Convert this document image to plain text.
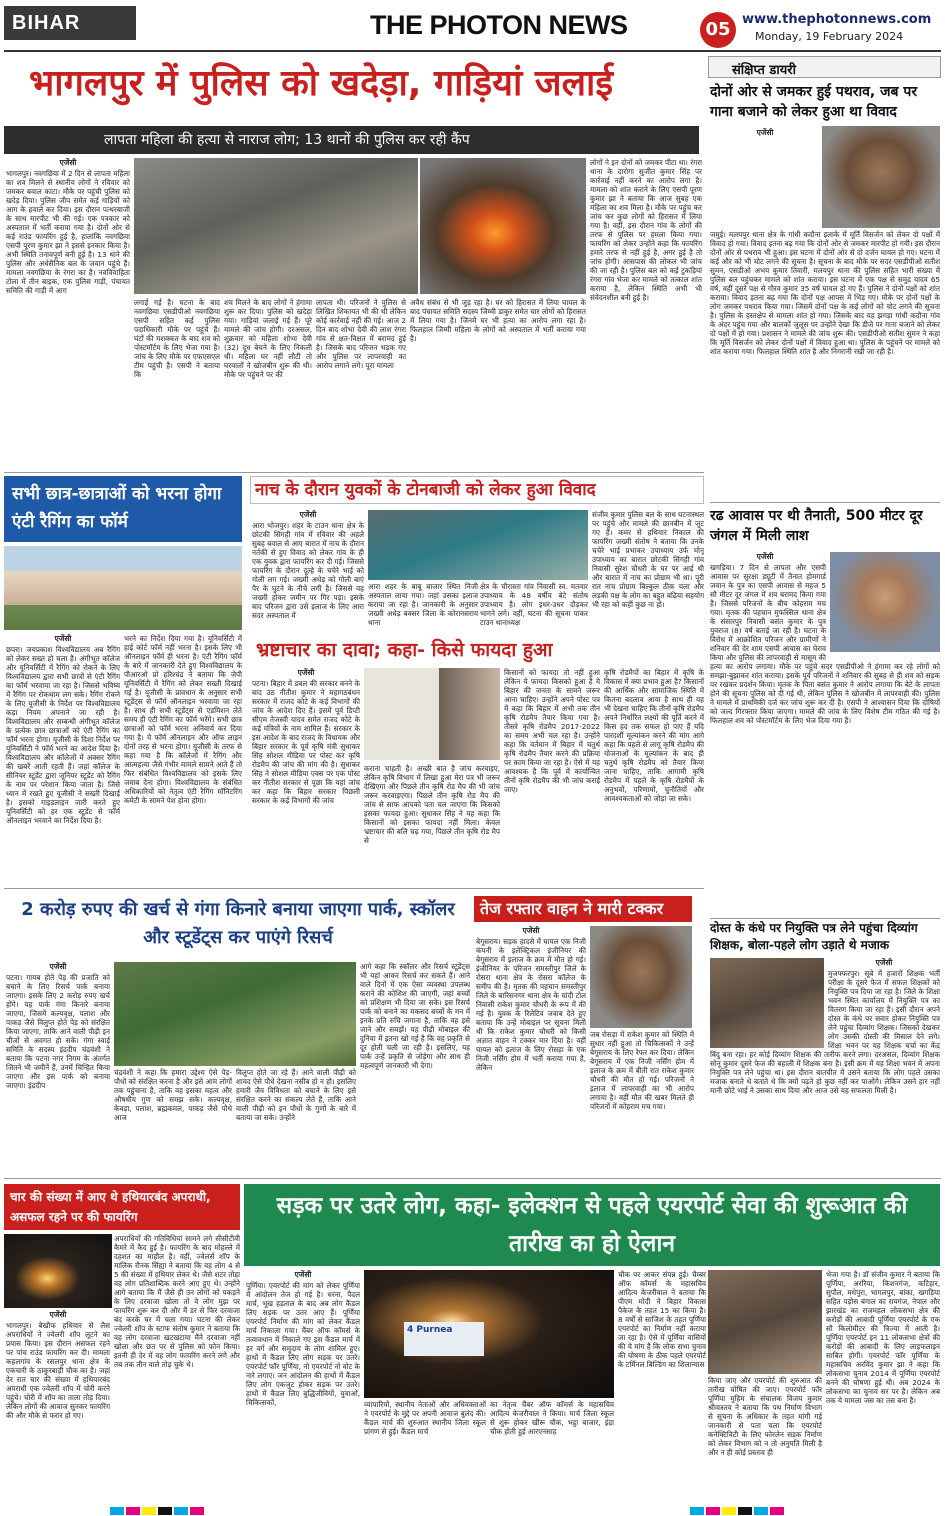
BIHAR	THE PHOTON NEWS	05 www.thephotonnews.com
Monday, 19 February 2024
भागलपुर में पुलिस को खदेड़ा, गाड़ियां जलाई
लापता महिला की हत्या से नाराज लोग; 13 थानों की पुलिस कर रही कैंप
एजेंसी
भागलपुर। नवगछिया में 2 दिन से लापता महिला का शव मिलने से स्थानीय लोगों ने रविवार को जमकर बवाल काटा। मौके पर पहुंची पुलिस को खदेड़ दिया। पुलिस जीप समेत कई गाड़ियों को आग के हवाले कर दिया। इस दौरान पत्थरबाजी के साथ मारपीट भी की गई। एक पत्रकार को अस्पताल में भर्ती कराया गया है। दोनों ओर से कई राउंड फायरिंग हुई है, हालांकि नवगछिया एसपी पूरण कुमार झा ने इससे इनकार किया है। अभी स्थिति तनावपूर्ण बनी हुई है। 13 थाने की पुलिस और अर्धसैनिक बल के जवान पहुंचे हैं। मामला नवगछिया के रंगरा का है। नवविवाहिता टोला में तीन बाइक, एक पुलिस गाड़ी, पंचायत समिति की गाड़ी में आग
लगाई गई है। घटना के बाद नवगछिया एसडीपीओ नवगछिया एसपी सहित कई पुलिस पदाधिकारी मौके पर पहुंचे हैं। घंटों की मशक्कत के बाद शव को पोस्टमॉर्टम के लिए भेजा गया है। जांच के लिए मौके पर एफएसएल टीम पहुंची है। एसपी ने बताया कि
शव मिलने के बाद लोगों ने हंगामा शुरू कर दिया। पुलिस को खदेड़ा गया। गाड़ियां जलाई गई हैं। पूरे मामले की जांच होगी। दरअसल, शुक्रवार को महिला शोभा देवी (32) दूध बेचने के लिए निकली थी। महिला घर नहीं लौटी तो घरवालों ने खोजबीन शुरू की थी। मौके पर पहुंचने पर की
लापता थी। परिजनों ने पुलिस से लिखित शिकायत भी की थी लेकिन कोई कार्रवाई नहीं की गई। आज 2 दिन बाद शोभा देवी की लाश रंगरा गांव से क्षत-विक्षत में बरामद हुई है। जिसके बाद परिजन भड़क गए और पुलिस पर लापरवाही का आरोप लगाने लगे। पूरा मामला
अवैध संबंध से भी जुड़ रहा है। घर को हिरासत में लिया घायल के बाद पंचायत समिति सदस्य जिम्मी डाकुर समेत चार लोगों को हिरासत में लिया गया है। जिनमें घर भी हत्या का आरोप लगा रहा है। फिलहाल जिम्मी महिला के लोगों को अस्पताल में भर्ती कराया गया है।
लोगों ने इन दोनों को जमकर पीटा था। रंगरा थाना के दारोगा सुजीत कुमार सिंह पर कार्रवाई नहीं करने का आरोप लगा है। मामला को शांत कराने के लिए एसपी पूरण कुमार झा ने बताया कि आज सुबह एक महिला का शव मिला है। मौके पर पहुंच कर जांच कर कुछ लोगों को हिरासत में लिया गया है। वहीं, इस दौरान गांव के लोगों की तरफ से पुलिस पर हमला किया गया। फायरिंग को लेकर उन्होंने कहा कि फायरिंग हमारे तरफ से नहीं हुई है, अगर हुई है तो जांच होगी। आसपास की लोकल भी जांच की जा रही है। पुलिस बल को कई टुकड़ियां रंगरा गांव भेजा कर मामले को तत्काल शांत कराया है, लेकिन स्थिति अभी भी संवेदनशील बनी हुई है।
संक्षिप्त डायरी
दोनों ओर से जमकर हुई पथराव, जब पर गाना बजाने को लेकर हुआ था विवाद
एजेंसी
जमुई। मलयपुर थाना क्षेत्र के गांधी कदौना इलाके में मूर्ति विसर्जन को लेकर दो पक्षों में विवाद हो गया। विवाद इतना बढ़ गया कि दोनों ओर से जमकर मारपीट हो गयी। इस दौरान दोनों ओर से पथराव भी हुआ। इस घटना में दोनों ओर से दो दर्जन घायल हो गए। घटना में कई और को भी चोट लगने की सूचना है। सूचना के बाद मौके पर सदर एसडीपीओ सतीश सुमन, एसडीओ अभय कुमार तिवारी, मलयपुर थाना की पुलिस सहित भारी संख्या में पुलिस बल पहुंचकर मामले को शांत कराया। इस घटना में एक पक्ष से समुद्र यादव 65 वर्ष, वहीं दूसरे पक्ष से गौरव कुमार 35 वर्ष घायल हो गए हैं। पुलिस ने दोनों पक्षों को शांत कराया। विवाद इतना बढ़ गया कि दोनों पक्ष आपस में भिड़ गए। मौके पर दोनों पक्षों के लोग जमकर पथराव किया गया। जिसमें दोनों पक्ष के कई लोगों को चोट लगने की सूचना है। पुलिस के हस्तक्षेप से मामला शांत हो गया। जिसके बाद यह झगड़ा गांधी कदौना गांव के अंदर पहुंच गया और बालकों जुलूस पर उन्होंने देखा कि डीजे पर गाना बजाने को लेकर दो पक्षों में हो गया। प्रशासन ने मामले की जांच शुरू की। एसडीपीओ सतीश सुमन ने कहा कि मूर्ति विसर्जन को लेकर दोनों पक्षों में विवाद हुआ था। पुलिस के पहुंचने पर मामले को शांत कराया गया। फिलहाल स्थिति शांत है और निगरानी रखी जा रही है।
रढ आवास पर थी तैनाती, 500 मीटर दूर जंगल में मिली लाश
एजेंसी
खगड़िया। 7 दिन से लापता और एसपी आवास पर सुरक्षा ड्यूटी में तैनात होमगार्ड जवान के पुत्र का एसपी आवास से महज 5 सौ मीटर दूर जंगल में शव बरामद किया गया है। जिससे परिजनों के बीच कोहराम मच गया। मृतक की पहचान मुफस्सिल थाना क्षेत्र के संसारपुर निवासी बसंत कुमार के पुत्र युवराज (8) वर्ष बताई जा रही है। घटना के विरोध में आक्रोशित परिजन और ग्रामीणों ने शनिवार की देर शाम एसपी आवास का घेराव किया और पुलिस की लापरवाही से मासूम की हत्या का आरोप लगाया। मौके पर पहुंचे सदर एसडीपीओ ने हंगामा कर रहे लोगों को समझा-बुझाकर शांत कराया। इसके पूर्व परिजनों ने शनिवार की सुबह से ही शव को सड़क पर रखकर प्रदर्शन किया। मृतक के पिता बसंत कुमार ने आरोप लगाया कि बेटे के लापता होने की सूचना पुलिस को दी गई थी, लेकिन पुलिस ने खोजबीन में लापरवाही की। पुलिस ने मामले में प्राथमिकी दर्ज कर जांच शुरू कर दी है। एसपी ने आश्वासन दिया कि दोषियों को जल्द गिरफ्तार किया जाएगा। मामले की जांच के लिए विशेष टीम गठित की गई है। फिलहाल शव को पोस्टमॉर्टम के लिए भेज दिया गया है।
दोस्त के कंधे पर नियुक्ति पत्र लेने पहुंचा दिव्यांग शिक्षक, बोला-पहले लोग उड़ाते थे मजाक
एजेंसी
मुजफ्फरपुर। सूबे में हजारों शिक्षक भर्ती परीक्षा के दूसरे फेज में सफल शिक्षकों को नियुक्ति पत्र दिया जा रहा है। जिले के शिक्षा भवन स्थित कार्यालय में नियुक्ति पत्र का वितरण किया जा रहा है। इसी दौरान अपने दोस्त के कंधे पर सवार होकर नियुक्ति पत्र लेने पहुंचा दिव्यांग शिक्षक। जिसको देखकर लोग उसकी दोस्ती की मिसाल देने लगे। शिक्षा भवन पर यह शिक्षक चर्चा का केंद्र बिंदु बना रहा। हर कोई दिव्यांग शिक्षक की तारीफ करने लगा। दरअसल, दिव्यांग शिक्षक सोनू कुमार दूसरे फेज की बहाली में शिक्षक बना है। इसी क्रम में यह शिक्षा भवन में अपना नियुक्ति पत्र लेने पहुंचा था। इस दौरान बातचीत में उसने बताया कि लोग पहले उसका मजाक बनाते थे बताते थे कि क्यों पढ़ते हो कुछ नहीं कर पाओगे। लेकिन उसने हार नहीं मानी छोटे भाई ने उसका साथ दिया और आज उसे यह सफलता मिली है।
सभी छात्र-छात्राओं को भरना होगा एंटी रैगिंग का फॉर्म
एजेंसी
छपरा। जयप्रकाश विश्वविद्यालय अब रैगिंग को लेकर सख्त हो चला है। अंगीभूत कॉलेज और यूनिवर्सिटी में रैगिंग को रोकने के लिए विश्वविद्यालय द्वारा सभी छात्रों से एंटी रैगिंग का फॉर्म भरवाया जा रहा है। जिससे भविष्य में रैगिंग पर रोकथाम लग सके। रैगिंग रोकने के लिए यूजीसी के निर्देश पर विश्वविद्यालय कड़ा नियम अपनाने जा रही है। विश्वविद्यालय और सम्बन्धी अंगीभूत कॉलेज के प्रत्येक छात्र छात्राओं को एंटी रैगिंग का फॉर्म भरना होगा। यूजीसी के दिशा निर्देश पर यूनिवर्सिटी ने फॉर्म भरने का आदेश दिया है। विश्वविद्यालय और कॉलेजों में अक्सर रैगिंग की खबरें आती रहती हैं। जहां कॉलेज के सीनियर स्टूडेंट द्वारा जूनियर स्टूडेंट को रैगिंग के नाम पर परेशान किया जाता है। जिसे ध्यान में रखते हुए यूजीसी ने सख्ती दिखाई है। इसको गाइडलाइन जारी करते हुए यूनिवर्सिटी को हर एक स्टूडेंट से फॉर्म ऑनलाइन भरवाने का निर्देश दिया है।
भरने का निर्देश दिया गया है। यूनिवर्सिटी में हाई कोर्ट फॉर्म नहीं भरना है। इसके लिए भी ऑनलाइन फॉर्म ही भरना है। एंटी रैगिंग फॉर्म के बारे में जानकारी देते हुए विश्वविद्यालय के पीआरओ प्रो हरिश्चंद्र ने बताया कि जेपी यूनिवर्सिटी में रैगिंग को लेकर सख्ती दिखाई गई है। यूजीसी के प्रावधान के अनुसार सभी स्टूडेंट्स से फॉर्म ऑनलाइन भरवाया जा रहा है। साथ ही सभी स्टूडेंट्स से एडमिशन लेते समय ही एंटी रैगिंग का फॉर्म भरेंगे। सभी छात्र छात्राओं को फॉर्म भरना अनिवार्य कर दिया गया है। ये फॉर्म ऑनलाइन और ऑफ लाइन दोनों तरह से भरना होगा। यूजीसी के तरफ से कहा गया है कि कॉलेजों में रैगिंग और आत्महत्या जैसे गंभीर मामले सामने आते हैं तो फिर संबंधित विश्वविद्यालय को इसके लिए जवाब देना होगा। विश्वविद्यालय के संबंधित अधिकारियों को नेतृत्व एंटी रैगिंग मॉनिटरिंग कमेटी के सामने पेश होना होगा।
नाच के दौरान युवकों के टोनबाजी को लेकर हुआ विवाद
एजेंसी
आरा भोजपुर। शहर के टाउन थाना क्षेत्र के छोटकी सिंगही गांव में रविवार की अहले सुबह बवाल से आए बारात में नाच के दौरान नर्तकी से हुए विवाद को लेकर गांव के ही एक युवक द्वारा फायरिंग कर दी गई। जिससे फायरिंग के दौरान दूल्हे के चचेरे भाई को गोली लग गई। जख्मी अधेड़ को गोली बाएं पैर के घुटने के नीचे लगी है। जिससे वह जख्मी होकर जमीन पर गिर पड़ा। इसके बाद परिजन द्वारा उसे इलाज के लिए आरा सदर अस्पताल में
आरा शहर के बाबू बाजार स्थित निजी अस्पताल लाया गया। जहां उसका इलाज कराया जा रहा है। जानकारी के अनुसार जख्मी अधेड़ बक्सर जिला के कोरानसराय थाना
क्षेत्र के चौरास्ता गांव निवासी स्व. मतवार उपाध्याय के 48 वर्षीय बेटे संतोष उपाध्याय है। लोग इधर-उधर दौड़कर भागने लगे। वहीं, घटना की सूचना पाकर टाउन थानाध्यक्ष
संजीव कुमार पुलिस बल के साथ घटनास्थल पर पहुंचे और मामले की छानबीन में जुट गए हैं। कमर से हथियार निकाल की फायरिंग जख्मी संतोष ने बताया कि उनके चचेरे भाई प्रभाकर उपाध्याय उर्फ मोनू उपाध्याय का बारात छोटकी सिंगही गांव निवासी सुरेश चौधरी के घर पर आई थी और बारात में नाच का प्रोग्राम भी था। पूरी रात नाच प्रोग्राम बिल्कुल ठीक चला और लड़की पक्ष के लोग का बहुत बढ़िया सहयोग भी रहा को कहीं कुछ ना हो।
भ्रष्टाचार का दावा; कहा- किसे फायदा हुआ
एजेंसी
पटना। बिहार में डबल की सरकार बनने के बाद उठ नीतीश कुमार ने महागठबंधन सरकार में राजद कोटे के कई विभागों की जांच के आदेश दिए हैं। इसमें पूर्व डिप्टी सीएम तेजस्वी यादव समेत राजद कोटे के कई मंत्रियों के नाम शामिल हैं। सरकार के इस आदेश के बाद राजद के विधायक और बिहार सरकार के पूर्व कृषि मंत्री सुधाकर सिंह सोशल मीडिया पर पोस्ट कर कृषि रोडमैप की जांच की मांग की है। सुधाकर सिंह ने सोशल मीडिया एक्स पर एक पोस्ट कर नीतीश सरकार से पूछा कि यहां जांच कर कहा कि बिहार सरकार पिछली सरकार के कई विभागों की जांच
कराना चाहती है। अच्छी बात है जांच करवाइए, लेकिन कृषि विभाग में लिखा हुआ मेरा पत्र भी जरूर देखिएगा और पिछले तीन कृषि रोड मैप की भी जांच जरूर करवाइएगा। पिछले तीन कृषि रोड मैप की जांच से साफ आपको पता चल जाएगा कि किसको इसका फायदा हुआ। सुधाकर सिंह ने यह कहा कि किसानों को इसका फायदा नहीं मिला। केवल भ्रष्टाचार की बलि चढ़ गया, पिछले तीन कृषि रोड मैप से
किसानों को फायदा तो नहीं हुआ लेकिन ये फायदा किसको हुआ है ये बिहार की जनता के सामने जरूर आना चाहिए। उन्होंने अपने पोस्ट पत्र में कहा कि बिहार में अभी तक तीन कृषि रोडमैप तैयार किया गया है। तीसरे कृषि रोडमैप 2017-2022 का समय अभी चल रहा है। उन्होंने कहा कि वर्तमान में बिहार में चतुर्थ कृषि रोडमैप तैयार करने की प्रक्रिया पर काम किया जा रहा है। ऐसे में यह आवश्यक है कि पूर्व में कार्यान्वित तीनों कृषि रोडमैप की भी जांच कराई जाए।
कृषि रोडमैपों का बिहार में कृषि के विकास में क्या प्रभाव हुआ है? किसानों की आर्थिक और सामाजिक स्थिति में कितना बदलाव आया है साथ ही यह भी देखना चाहिए कि तीनों कृषि रोडमैप अपने निर्धारित लक्ष्यों की पूर्ति करने में किस हद तक सफल हो पाए हैं यदि पारदर्शी मूल्यांकन करने की मांग आगे कहा कि पहले से लागू कृषि रोडमैप की योजनाओं के मूल्यांकन के बाद ही चतुर्थ कृषि रोडमैप को तैयार किया जाना चाहिए, ताकि आगामी कृषि रोडमैप में पहले के कृषि रोडमैपों के अनुभवों, परिणामों, चुनौतियों और आवश्यकताओं को जोड़ा जा सके।
2 करोड़ रुपए की खर्च से गंगा किनारे बनाया जाएगा पार्क, स्कॉलर और स्टूडेंट्स कर पाएंगे रिसर्च
एजेंसी
पटना। गायब होते पेड़ की प्रजाति को बचाने के लिए रिसर्च पार्क बनाया जाएगा। इसके लिए 2 करोड़ रुपए खर्च होंगे। यह पार्क गंगा किनारे बनाया जाएगा, जिसमें कल्पवृक्ष, पलाश और पाकड़ जैसे विलुप्त होते पेड़ को संरक्षित किया जाएगा, ताकि आने वाली पीढ़ी इन चीजों से अवगत हो सके। गंगा स्वाई समिति के सदस्य इंद्रदीप चंद्रवंशी ने बताया कि पटना नगर निगम के अंतर्गत जितने भी जमीनें हैं, उनमें चिन्हित किया जाएगा और इस पार्क को बनाया जाएगा। इंद्रदीप
चंद्रवंशी ने कहा कि हमारा उद्देश्य ऐसे पेड़-पौधों को संरक्षित करना है और इसे आम लोगों तक पहुंचाना है, ताकि वह इसका महत्व और औषधीय गुण को समझ सके। कल्पवृक्ष, केवड़ा, पलाश, ब्रह्मकमल, पाकड़ जैसे पौधे आज
विलुप्त होते जा रहे हैं। आने वाली पीढ़ी को शायद ऐसे पौधे देखना नसीब हो न हो। इसलिए हमारी जैव विविधता को बचाने के लिए इसे संरक्षित करने का संकल्प लेते हैं, ताकि आने वाली पीढ़ी को इन पौधों के गुणों के बारे में बताया जा सके। उन्होंने
आगे कहा कि स्कॉलर और रिसर्च स्टूडेंट्स भी यहां आकर रिसर्च कर सकते हैं। आने वाले दिनों में एक ऐसा व्यवस्था उपलब्ध कराने की कोशिश की जाएगी, जहां बच्चों को प्रशिक्षण भी दिया जा सके। इस रिसर्च पार्क को बनाने का मकसद बच्चों के मन में इनके प्रति रुचि जगाना है, ताकि वह इसे जाने और समझें। यह पीढ़ी मोबाइल की दुनिया में इतना खो गई है कि वह प्रकृति से दूर होती चली जा रही है। इसलिए, यह पार्क उन्हें प्रकृति से जोड़ेगा और साथ ही महत्वपूर्ण जानकारी भी देगा।
तेज रफ्तार वाहन ने मारी टक्कर
एजेंसी
बेगूसराय। सड़क हादसे में घायल एक निजी कंपनी के इलेक्ट्रिकल इंजीनियर की बेगूसराय में इलाज के क्रम में मौत हो गई। इंजीनियर के परिजन समस्तीपुर जिले के रोसरा थाना क्षेत्र के रोसरा कॉलेज के समीप की है। मृतक की पहचान समस्तीपुर जिले के बारिसनगर थाना क्षेत्र के चांदी टोल निवासी राकेश कुमार चौधरी के रूप में की गई है। युवक के रिलेटिव जवाब देते हुए बताया कि उन्हें मोबाइल पर सूचना मिली थी कि राकेश कुमार चौधरी को किसी अज्ञात वाहन ने टक्कर मार दिया है। वहीं घायल को इलाज के लिए रोसड़ा के एक निजी नर्सिंग होम में भर्ती कराया गया है, लेकिन
जब रोसड़ा में राकेश कुमार को स्थिति में सुधार नहीं हुआ तो चिकित्सकों ने उन्हें बेगूसराय के लिए रेफर कर दिया। लेकिन बेगूसराय में एक निजी नर्सिंग होम में इलाज के क्रम में बीती रात राकेश कुमार चौधरी की मौत हो गई। परिजनों ने इलाज में लापरवाही का भी आरोप लगाया है। वहीं मौत की खबर मिलते ही परिजनों में कोहराम मच गया।
चार की संख्या में आए थे हथियारबंद अपराधी, असफल रहने पर की फायरिंग
एजेंसी
भागलपुर। बेखौफ हथियार से लैस अपराधियों ने ज्वेलरी शॉप लूटने का प्रयास किया। इस दौरान असफल रहने पर पांच राउंड फायरिंग कर दी। मामला कहलगांव के रसलपुर थाना क्षेत्र के एकचारी के ठाकुरबाड़ी चौक का है। जहां देर रात चार की संख्या में हथियारबंद अपराधी एक ज्वेलरी शॉप में चोरी करने पहुंचे। चोरी में शॉप का ताला तोड़ दिया। लेकिन लोगों की आवाज सुनकर फायरिंग की और मौके से फरार हो गए।
अपराधियों की गतिविधियां सामने लगे सीसीटीवी कैमरे में कैद हुई है। फायरिंग के बाद मोहल्ले में दहशत का माहौल है। वहीं, ज्वेलर्स शॉप के मालिक रौनक सिंह्या ने बताया कि वह लोग 4 से 5 की संख्या में हथियार लेकर थे। जैसे शटर तोड़ा वह लोग प्रतिशाब्दिक करने आए हुए थे। उन्होंने आगे बताया कि मैं जैसे ही उन लोगों को पकड़ने के लिए दरवाजा खोला तो वे लोग मुझ पर फायरिंग शुरू कर दी और मैं डर से फिर दरवाजा बंद करके घर में चला गया। घटना की लेकर ज्वेलरी शॉप के स्टाफ संतोष कुमार ने बताया कि वह लोग दरवाजा खटखटाया मैंने दरवाजा नहीं खोला और छत पर से पुलिस को फोन किया। इतनी ही देर में वह लोग फायरिंग करने लगे और तब तक तीन वाले तोड़ चुके थे।
सड़क पर उतरे लोग, कहा- इलेक्शन से पहले एयरपोर्ट सेवा की शुरूआत की तारीख का हो ऐलान
एजेंसी
पूर्णिया। एयरपोर्ट की मांग को लेकर पूर्णिया में आंदोलन तेज हो गई है। धरना, पैदल मार्च, भूख हड़ताल के बाद अब लोग कैंडल लिए सड़क पर उतर आए हैं। पूर्णिया एयरपोर्ट निर्माण की मांग को लेकर कैंडल मार्च निकाला गया। चैंबर ऑफ कॉमर्स के तत्वावधान में निकाले गए इस कैंडल मार्च में हर वर्ग और समुदाय के लोग शामिल हुए। हाथों में कैंडल लिए लोग सड़क पर उतरे। एयरपोर्ट फॉर पूर्णिया, नो एयरपोर्ट नो वोट के नारे लगाए। जन आंदोलन की हाथों में कैंडल लिए लोग एकजुट होकर सड़क पर उतरे। हाथों में कैंडल लिए बुद्धिजीवियों, युवाओं, चिकित्सकों,
4 Purnea
व्यापारियों, स्थानीय नेताओं और अधिवक्ताओं ने एयरपोर्ट के मुद्दे पर अपनी आवाज बुलंद की। कैंडल मार्च की शुरुआत स्थानीय जिला स्कूल प्रांगण से हुई। कैंडल मार्च
का नेतृत्व चैंबर ऑफ कॉमर्स के महासचिव आदित्य केजरीवाल ने किया। मार्च जिला स्कूल से शुरू होकर खीरू चौक, भट्ठा बाजार, इंद्रा चौक होती हुई आरएनसाह
चौक पर आकर संपन्न हुई। चैम्बर ऑफ कॉमर्स के महासचिव आदित्य केजरीवाल ने बताया कि पीएम मोदी ने बिहार विकास पैकेज के तहत 15 का किया है। 8 वर्षों से साजिश के तहत पूर्णिया एयरपोर्ट का निर्माण नहीं कराया जा रहा है। ऐसे में पूर्णिया वासियों की ये मांग है कि लोक सभा चुनाव की घोषणा के ठीक पहले एयरपोर्ट के टर्मिनल बिल्डिंग का शिलान्यास
किया जाए और एयरपोर्ट की शुरुआत की तारीख घोषित की जाए। एयरपोर्ट फॉर पूर्णिया मुहिम के संचालक विजय कुमार श्रीवास्तव ने बताया कि पथ निर्माण विभाग से सूचना के अधिकार के तहत मांगी गई जानकारी से पता चला कि एयरपोर्ट कनेक्टिविटी के लिए फोरलेन सड़क निर्माण को लेकर विभाग को न तो अनुमति मिली है और न ही कोई प्रस्ताव ही
भेजा गया है। डॉ संजीव कुमार ने बताया कि पूर्णिया, अररिया, किशनगंज, कटिहार, सुपौल, मधेपुरा, भागलपुर, बांका, खगड़िया सहित पड़ोस बंगाल का रायगंज, नेपाल और झारखंड का राजमहल लोकसभा क्षेत्र की करोड़ों की आबादी पूर्णिया एयरपोर्ट के एक सौ किलोमीटर की त्रिज्या में आती है। पूर्णिया एयरपोर्ट इन 11 लोकसभा क्षेत्रों की करोड़ों की आबादी के लिए लाइफलाइन साबित होगी। एयरपोर्ट फॉर पूर्णिया के महासचिव अरविंद कुमार झा ने कहा कि लोकसभा चुनाव 2014 में पूर्णिया एयरपोर्ट बनने की घोषणा हुई थी। अब 2024 के लोकसभा का चुनाव सर पर है। लेकिन अब तक ये मामला जस का तस बना है।
